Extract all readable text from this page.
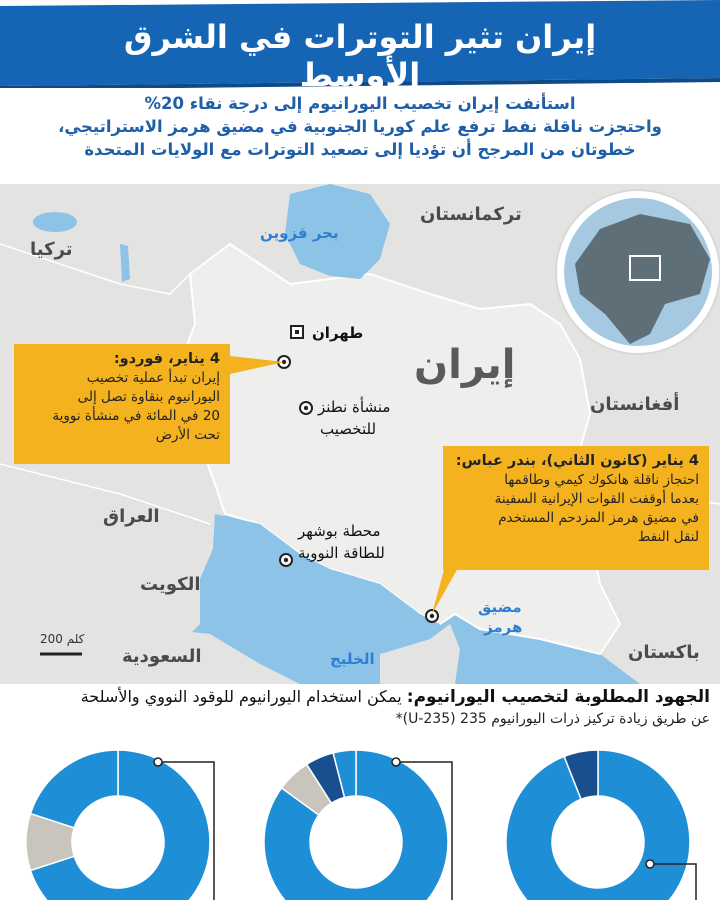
إيران تثير التوترات في الشرق الأوسط
استأنفت إيران تخصيب اليورانيوم إلى درجة نقاء 20%
واحتجزت ناقلة نفط ترفع علم كوريا الجنوبية في مضيق هرمز الاستراتيجي،
خطوتان من المرجح أن تؤديا إلى تصعيد التوترات مع الولايات المتحدة
تركمانستان
تركيا
إيران
أفغانستان
العراق
الكويت
السعودية	باكستان
بحر قزوين
الخليج
مضيق
هرمز
طهران
منشأة نطنز
للتخصيب
محطة بوشهر
للطاقة النووية
200 كلم
4 يناير، فوردو:
إيران تبدأ عملية تخصيب
اليورانيوم بنقاوة تصل إلى
20 في المائة في منشأة نووية
تحت الأرض
4 يناير (كانون الثاني)، بندر عباس:
احتجاز ناقلة هانكوك كيمي وطاقمها
بعدما أوقفت القوات الإيرانية السفينة
في مضيق هرمز المزدحم المستخدم
لنقل النفط
الجهود المطلوبة لتخصيب اليورانيوم: يمكن استخدام اليورانيوم للوقود النووي والأسلحة
عن طريق زيادة تركيز ذرات اليورانيوم 235 (U-235)*
